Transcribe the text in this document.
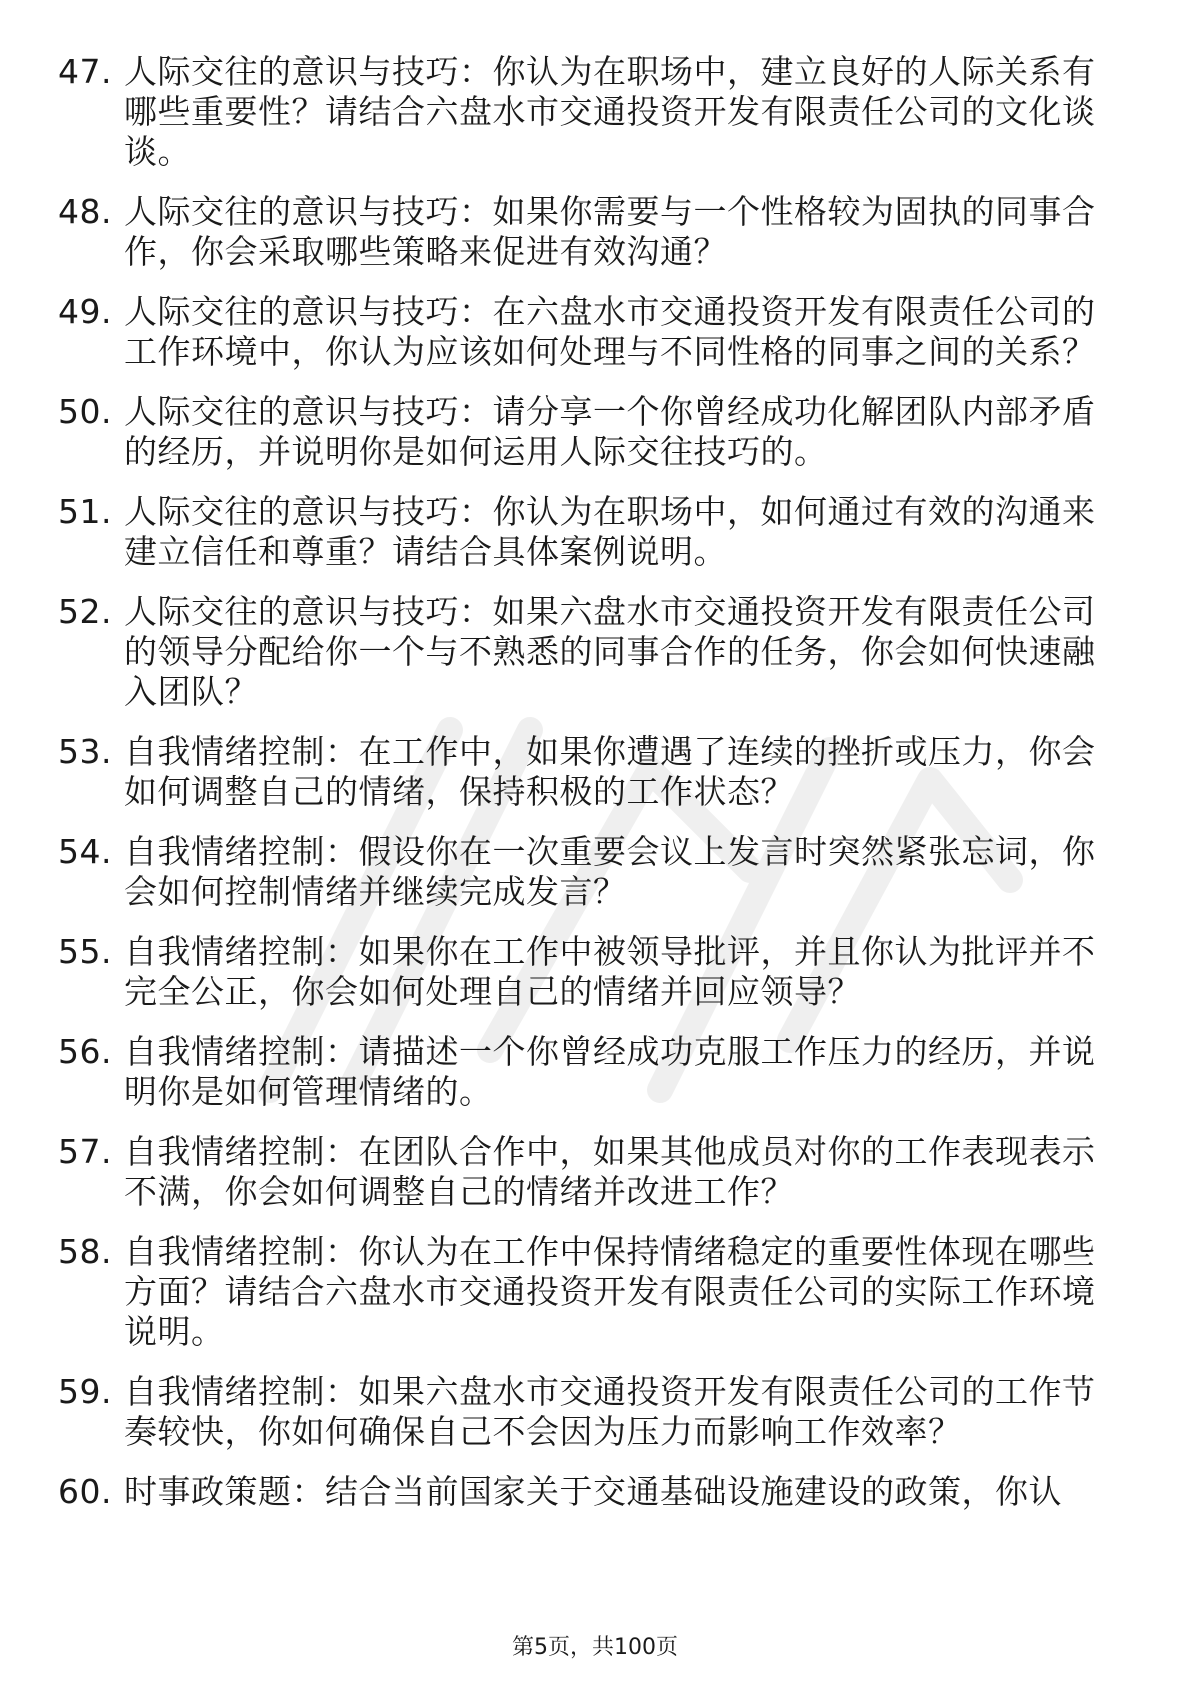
47. 人际交往的意识与技巧：你认为在职场中，建立良好的人际关系有哪些重要性？请结合六盘水市交通投资开发有限责任公司的文化谈谈。
48. 人际交往的意识与技巧：如果你需要与一个性格较为固执的同事合作，你会采取哪些策略来促进有效沟通？
49. 人际交往的意识与技巧：在六盘水市交通投资开发有限责任公司的工作环境中，你认为应该如何处理与不同性格的同事之间的关系？
50. 人际交往的意识与技巧：请分享一个你曾经成功化解团队内部矛盾的经历，并说明你是如何运用人际交往技巧的。
51. 人际交往的意识与技巧：你认为在职场中，如何通过有效的沟通来建立信任和尊重？请结合具体案例说明。
52. 人际交往的意识与技巧：如果六盘水市交通投资开发有限责任公司的领导分配给你一个与不熟悉的同事合作的任务，你会如何快速融入团队？
53. 自我情绪控制：在工作中，如果你遭遇了连续的挫折或压力，你会如何调整自己的情绪，保持积极的工作状态？
54. 自我情绪控制：假设你在一次重要会议上发言时突然紧张忘词，你会如何控制情绪并继续完成发言？
55. 自我情绪控制：如果你在工作中被领导批评，并且你认为批评并不完全公正，你会如何处理自己的情绪并回应领导？
56. 自我情绪控制：请描述一个你曾经成功克服工作压力的经历，并说明你是如何管理情绪的。
57. 自我情绪控制：在团队合作中，如果其他成员对你的工作表现表示不满，你会如何调整自己的情绪并改进工作？
58. 自我情绪控制：你认为在工作中保持情绪稳定的重要性体现在哪些方面？请结合六盘水市交通投资开发有限责任公司的实际工作环境说明。
59. 自我情绪控制：如果六盘水市交通投资开发有限责任公司的工作节奏较快，你如何确保自己不会因为压力而影响工作效率？
60. 时事政策题：结合当前国家关于交通基础设施建设的政策，你认
第5页，共100页
